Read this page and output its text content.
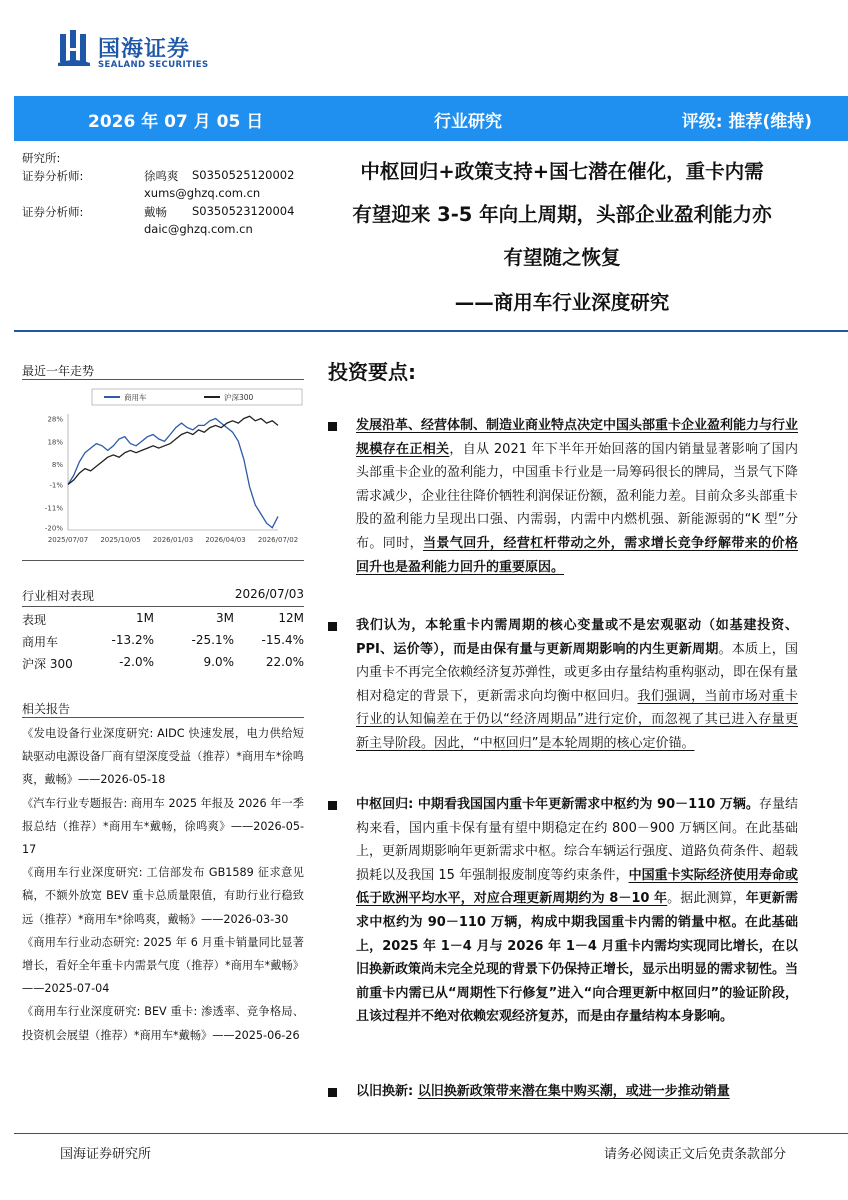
国海证券
SEALAND SECURITIES
2026 年 07 月 05 日	行业研究	评级: 推荐(维持)
研究所:
证券分析师:	徐鸣爽 S0350525120002
xums@ghzq.com.cn
证券分析师:	戴畅 S0350523120004
daic@ghzq.com.cn
中枢回归+政策支持+国七潜在催化，重卡内需
有望迎来 3-5 年向上周期，头部企业盈利能力亦
有望随之恢复
——商用车行业深度研究
最近一年走势
商用车	沪深300
28%
18%
8%
-1%
-11%
-20%
2025/07/07 2025/10/05 2026/01/03 2026/04/03 2026/07/02
行业相对表现	2026/07/03
表现	1M	3M	12M
商用车	-13.2%	-25.1% -15.4%
沪深 300	-2.0%	9.0%	22.0%
相关报告
《发电设备行业深度研究: AIDC 快速发展，电力供给短缺驱动电源设备厂商有望深度受益（推荐）*商用车*徐鸣爽，戴畅》——2026-05-18
《汽车行业专题报告: 商用车 2025 年报及 2026 年一季报总结（推荐）*商用车*戴畅，徐鸣爽》——2026-05-17
《商用车行业深度研究: 工信部发布 GB1589 征求意见稿，不额外放宽 BEV 重卡总质量限值，有助行业行稳致远（推荐）*商用车*徐鸣爽，戴畅》——2026-03-30
《商用车行业动态研究: 2025 年 6 月重卡销量同比显著增长，看好全年重卡内需景气度（推荐）*商用车*戴畅》——2025-07-04
《商用车行业深度研究: BEV 重卡: 渗透率、竞争格局、投资机会展望（推荐）*商用车*戴畅》——2025-06-26
投资要点:
发展沿革、经营体制、制造业商业特点决定中国头部重卡企业盈利能力与行业规模存在正相关，自从 2021 年下半年开始回落的国内销量显著影响了国内头部重卡企业的盈利能力，中国重卡行业是一局筹码很长的牌局，当景气下降需求减少，企业往往降价牺牲利润保证份额，盈利能力差。目前众多头部重卡股的盈利能力呈现出口强、内需弱，内需中内燃机强、新能源弱的“K 型”分布。同时，当景气回升，经营杠杆带动之外，需求增长竞争纾解带来的价格回升也是盈利能力回升的重要原因。
我们认为，本轮重卡内需周期的核心变量或不是宏观驱动（如基建投资、PPI、运价等），而是由保有量与更新周期影响的内生更新周期。本质上，国内重卡不再完全依赖经济复苏弹性，或更多由存量结构重构驱动，即在保有量相对稳定的背景下，更新需求向均衡中枢回归。我们强调，当前市场对重卡行业的认知偏差在于仍以“经济周期品”进行定价，而忽视了其已进入存量更新主导阶段。因此，“中枢回归”是本轮周期的核心定价锚。
中枢回归: 中期看我国国内重卡年更新需求中枢约为 90－110 万辆。存量结构来看，国内重卡保有量有望中期稳定在约 800－900 万辆区间。在此基础上，更新周期影响年更新需求中枢。综合车辆运行强度、道路负荷条件、超载损耗以及我国 15 年强制报废制度等约束条件，中国重卡实际经济使用寿命或低于欧洲平均水平，对应合理更新周期约为 8－10 年。据此测算，年更新需求中枢约为 90－110 万辆，构成中期我国重卡内需的销量中枢。在此基础上，2025 年 1－4 月与 2026 年 1－4 月重卡内需均实现同比增长，在以旧换新政策尚未完全兑现的背景下仍保持正增长，显示出明显的需求韧性。当前重卡内需已从“周期性下行修复”进入“向合理更新中枢回归”的验证阶段，且该过程并不绝对依赖宏观经济复苏，而是由存量结构本身影响。
以旧换新: 以旧换新政策带来潜在集中购买潮，或进一步推动销量
国海证券研究所	请务必阅读正文后免责条款部分
